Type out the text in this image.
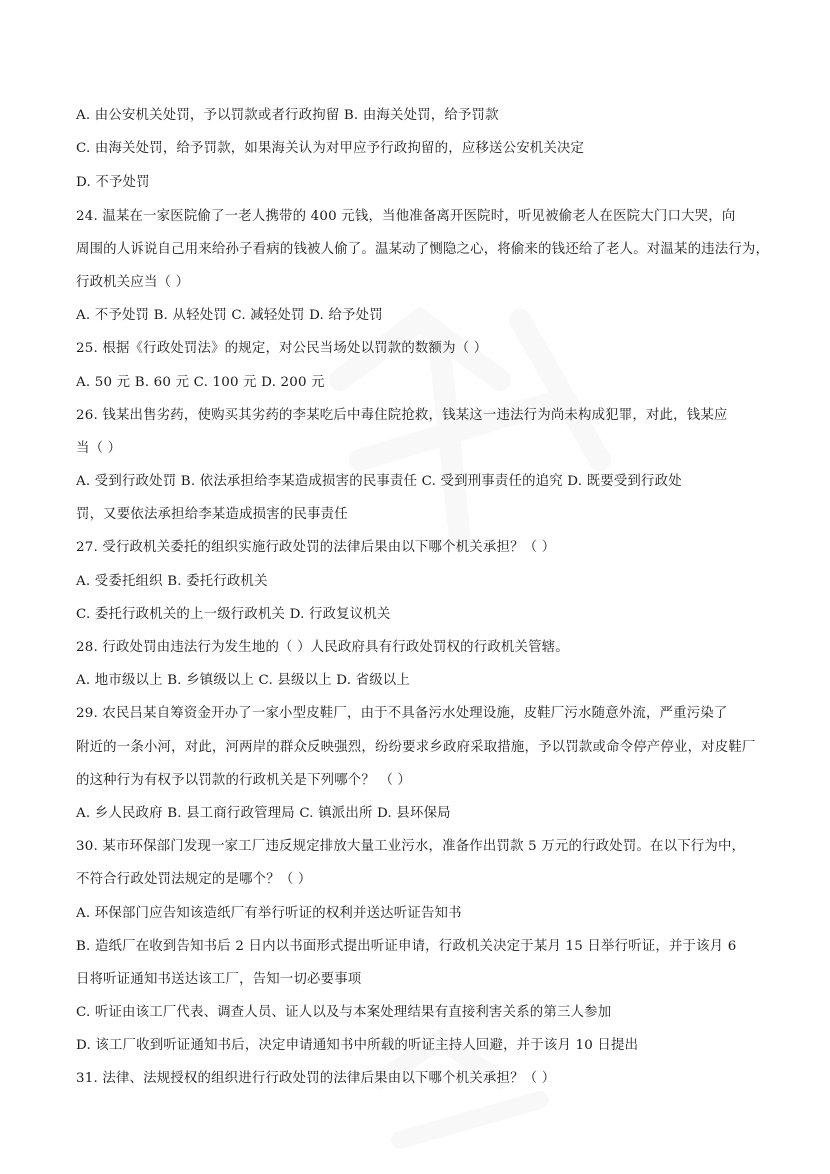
A. 由公安机关处罚，予以罚款或者行政拘留 B. 由海关处罚，给予罚款
C. 由海关处罚，给予罚款，如果海关认为对甲应予行政拘留的，应移送公安机关决定
D. 不予处罚
24. 温某在一家医院偷了一老人携带的 400 元钱，当他准备离开医院时，听见被偷老人在医院大门口大哭，向
周围的人诉说自己用来给孙子看病的钱被人偷了。温某动了恻隐之心，将偷来的钱还给了老人。对温某的违法行为，
行政机关应当（ ）
A. 不予处罚 B. 从轻处罚 C. 减轻处罚 D. 给予处罚
25. 根据《行政处罚法》的规定，对公民当场处以罚款的数额为（ ）
A. 50 元 B. 60 元 C. 100 元 D. 200 元
26. 钱某出售劣药，使购买其劣药的李某吃后中毒住院抢救，钱某这一违法行为尚未构成犯罪，对此，钱某应
当（ ）
A. 受到行政处罚 B. 依法承担给李某造成损害的民事责任 C. 受到刑事责任的追究 D. 既要受到行政处
罚，又要依法承担给李某造成损害的民事责任
27. 受行政机关委托的组织实施行政处罚的法律后果由以下哪个机关承担？（ ）
A. 受委托组织 B. 委托行政机关
C. 委托行政机关的上一级行政机关 D. 行政复议机关
28. 行政处罚由违法行为发生地的（ ）人民政府具有行政处罚权的行政机关管辖。
A. 地市级以上 B. 乡镇级以上 C. 县级以上 D. 省级以上
29. 农民吕某自筹资金开办了一家小型皮鞋厂，由于不具备污水处理设施，皮鞋厂污水随意外流，严重污染了
附近的一条小河，对此，河两岸的群众反映强烈，纷纷要求乡政府采取措施，予以罚款或命令停产停业，对皮鞋厂
的这种行为有权予以罚款的行政机关是下列哪个？ （ ）
A. 乡人民政府 B. 县工商行政管理局 C. 镇派出所 D. 县环保局
30. 某市环保部门发现一家工厂违反规定排放大量工业污水，准备作出罚款 5 万元的行政处罚。在以下行为中，
不符合行政处罚法规定的是哪个？（ ）
A. 环保部门应告知该造纸厂有举行听证的权利并送达听证告知书
B. 造纸厂在收到告知书后 2 日内以书面形式提出听证申请，行政机关决定于某月 15 日举行听证，并于该月 6
日将听证通知书送达该工厂，告知一切必要事项
C. 听证由该工厂代表、调查人员、证人以及与本案处理结果有直接利害关系的第三人参加
D. 该工厂收到听证通知书后，决定申请通知书中所载的听证主持人回避，并于该月 10 日提出
31. 法律、法规授权的组织进行行政处罚的法律后果由以下哪个机关承担？（ ）
